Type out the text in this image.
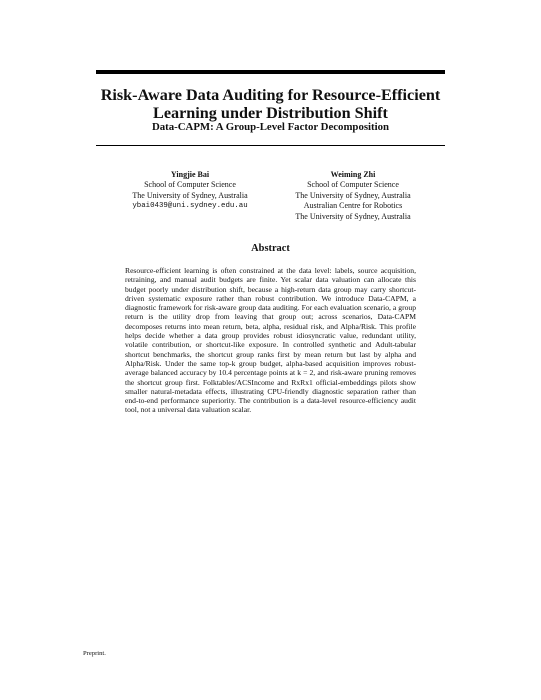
Risk-Aware Data Auditing for Resource-Efficient
Learning under Distribution Shift
Data-CAPM: A Group-Level Factor Decomposition
Yingjie Bai
School of Computer Science
The University of Sydney, Australia
ybai0439@uni.sydney.edu.au
Weiming Zhi
School of Computer Science
The University of Sydney, Australia
Australian Centre for Robotics
The University of Sydney, Australia
Abstract
Resource-efficient learning is often constrained at the data level: labels, source acquisition, retraining, and manual audit budgets are finite. Yet scalar data valuation can allocate this budget poorly under distribution shift, because a high-return data group may carry shortcut-driven systematic exposure rather than robust contribution. We introduce Data-CAPM, a diagnostic framework for risk-aware group data auditing. For each evaluation scenario, a group return is the utility drop from leaving that group out; across scenarios, Data-CAPM decomposes returns into mean return, beta, alpha, residual risk, and Alpha/Risk. This profile helps decide whether a data group provides robust idiosyncratic value, redundant utility, volatile contribution, or shortcut-like exposure. In controlled synthetic and Adult-tabular shortcut benchmarks, the shortcut group ranks first by mean return but last by alpha and Alpha/Risk. Under the same top-k group budget, alpha-based acquisition improves robust-average balanced accuracy by 10.4 percentage points at k = 2, and risk-aware pruning removes the shortcut group first. Folktables/ACSIncome and RxRx1 official-embeddings pilots show smaller natural-metadata effects, illustrating CPU-friendly diagnostic separation rather than end-to-end performance superiority. The contribution is a data-level resource-efficiency audit tool, not a universal data valuation scalar.
Preprint.
